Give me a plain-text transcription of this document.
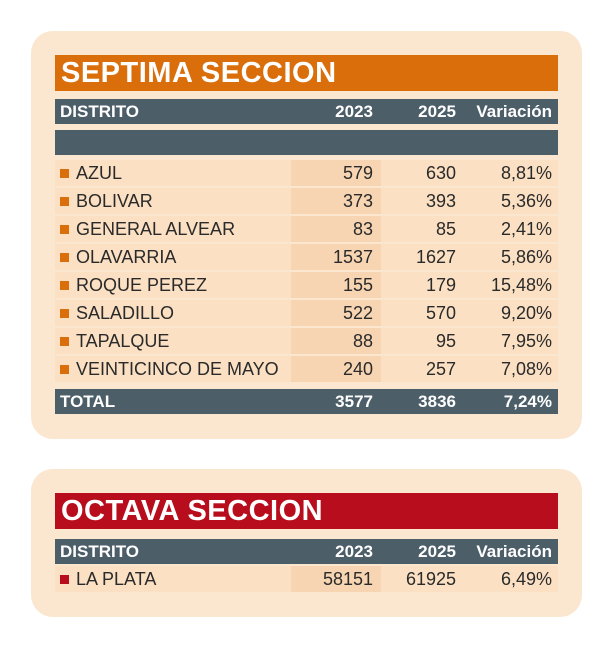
SEPTIMA SECCION
DISTRITO	2023	2025	Variación
AZUL	579	630	8,81%
BOLIVAR	373	393	5,36%
GENERAL ALVEAR	83	85	2,41%
OLAVARRIA	1537	1627	5,86%
ROQUE PEREZ	155	179	15,48%
SALADILLO	522	570	9,20%
TAPALQUE	88	95	7,95%
VEINTICINCO DE MAYO	240	257	7,08%
TOTAL	3577	3836	7,24%
OCTAVA SECCION
DISTRITO	2023	2025	Variación
LA PLATA	58151	61925	6,49%
